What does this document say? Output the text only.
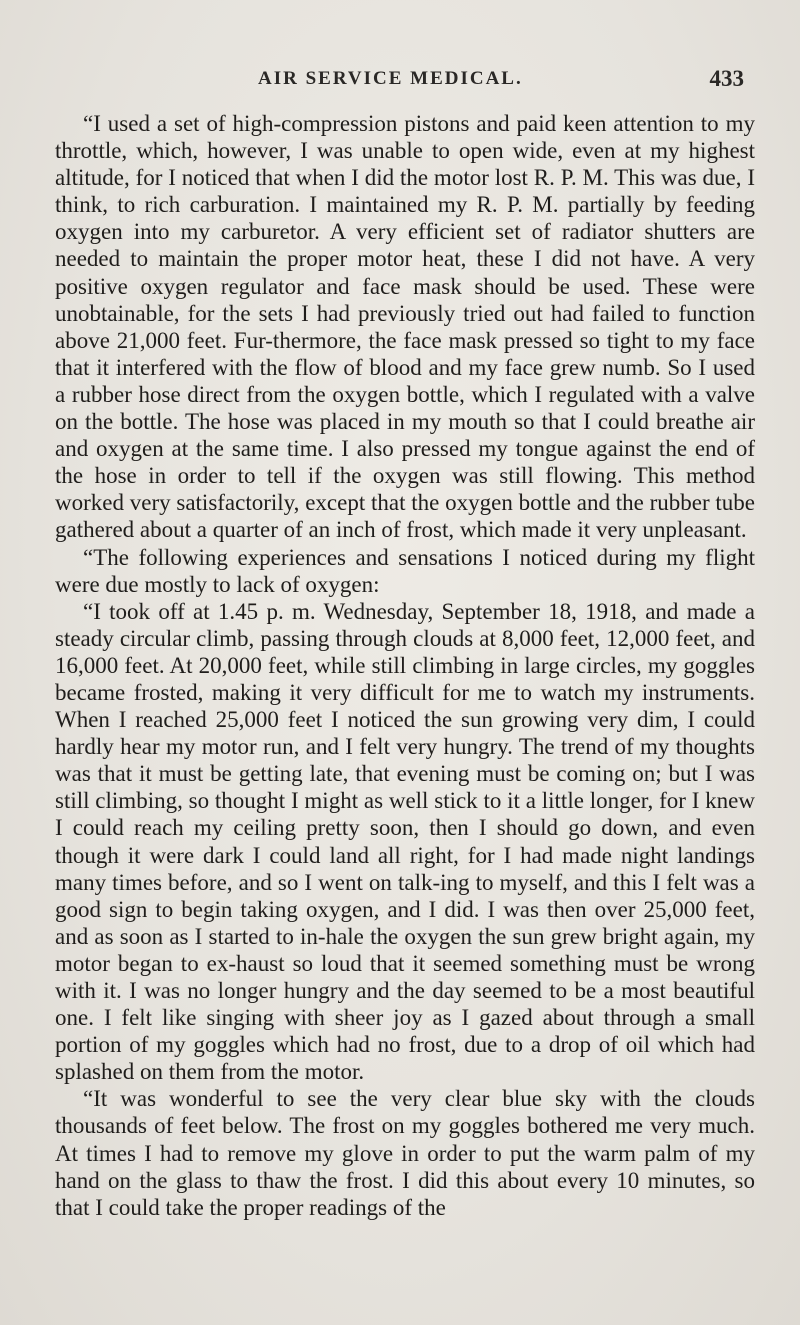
AIR SERVICE MEDICAL.	433

“I used a set of high-compression pistons and paid keen attention to my throttle, which, however, I was unable to open wide, even at my highest altitude, for I noticed that when I did the motor lost R. P. M. This was due, I think, to rich carburation. I maintained my R. P. M. partially by feeding oxygen into my carburetor. A very efficient set of radiator shutters are needed to maintain the proper motor heat, these I did not have. A very positive oxygen regulator and face mask should be used. These were unobtainable, for the sets I had previously tried out had failed to function above 21,000 feet. Fur-thermore, the face mask pressed so tight to my face that it interfered with the flow of blood and my face grew numb. So I used a rubber hose direct from the oxygen bottle, which I regulated with a valve on the bottle. The hose was placed in my mouth so that I could breathe air and oxygen at the same time. I also pressed my tongue against the end of the hose in order to tell if the oxygen was still flowing. This method worked very satisfactorily, except that the oxygen bottle and the rubber tube gathered about a quarter of an inch of frost, which made it very unpleasant.

“The following experiences and sensations I noticed during my flight were due mostly to lack of oxygen:

“I took off at 1.45 p. m. Wednesday, September 18, 1918, and made a steady circular climb, passing through clouds at 8,000 feet, 12,000 feet, and 16,000 feet. At 20,000 feet, while still climbing in large circles, my goggles became frosted, making it very difficult for me to watch my instruments. When I reached 25,000 feet I noticed the sun growing very dim, I could hardly hear my motor run, and I felt very hungry. The trend of my thoughts was that it must be getting late, that evening must be coming on; but I was still climbing, so thought I might as well stick to it a little longer, for I knew I could reach my ceiling pretty soon, then I should go down, and even though it were dark I could land all right, for I had made night landings many times before, and so I went on talk-ing to myself, and this I felt was a good sign to begin taking oxygen, and I did. I was then over 25,000 feet, and as soon as I started to in-hale the oxygen the sun grew bright again, my motor began to ex-haust so loud that it seemed something must be wrong with it. I was no longer hungry and the day seemed to be a most beautiful one. I felt like singing with sheer joy as I gazed about through a small portion of my goggles which had no frost, due to a drop of oil which had splashed on them from the motor.

“It was wonderful to see the very clear blue sky with the clouds thousands of feet below. The frost on my goggles bothered me very much. At times I had to remove my glove in order to put the warm palm of my hand on the glass to thaw the frost. I did this about every 10 minutes, so that I could take the proper readings of the
